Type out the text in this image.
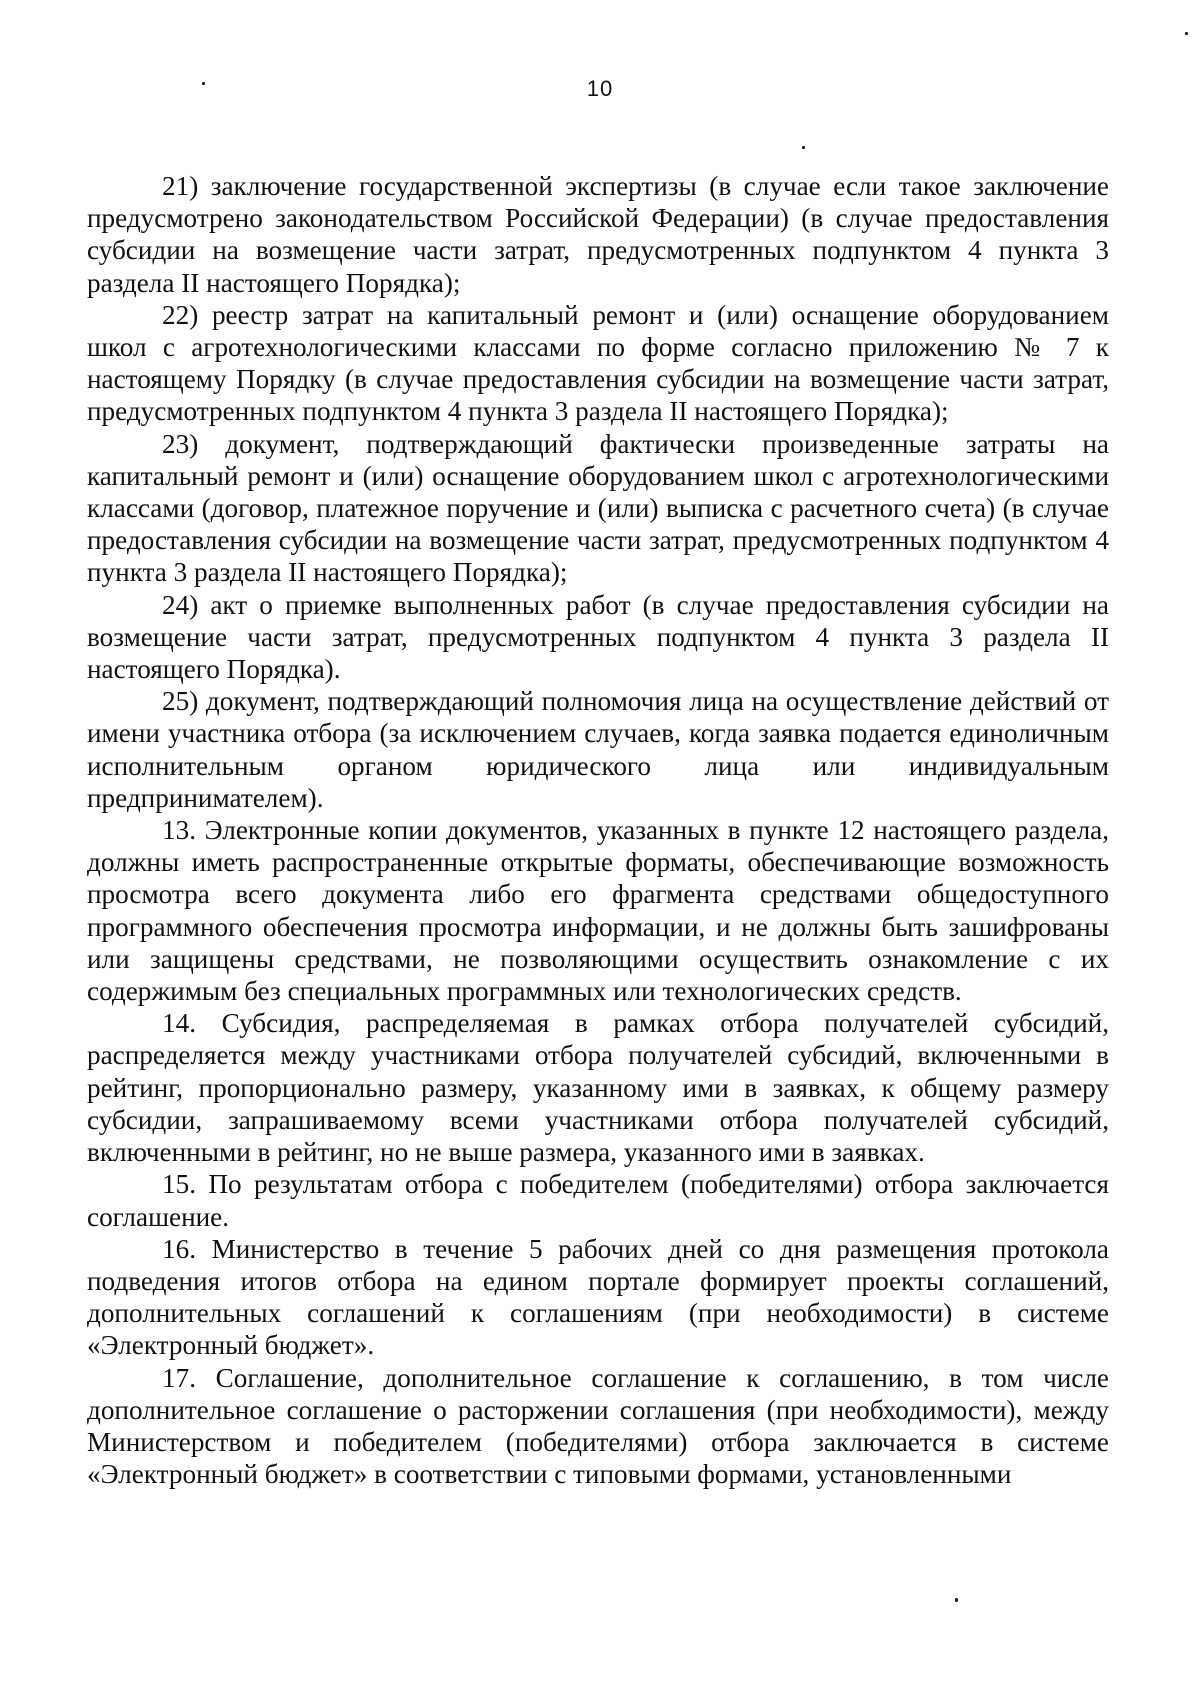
10

21) заключение государственной экспертизы (в случае если такое заключение предусмотрено законодательством Российской Федерации) (в случае предоставления субсидии на возмещение части затрат, предусмотренных подпунктом 4 пункта 3 раздела II настоящего Порядка);

22) реестр затрат на капитальный ремонт и (или) оснащение оборудованием школ с агротехнологическими классами по форме согласно приложению № 7 к настоящему Порядку (в случае предоставления субсидии на возмещение части затрат, предусмотренных подпунктом 4 пункта 3 раздела II настоящего Порядка);

23) документ, подтверждающий фактически произведенные затраты на капитальный ремонт и (или) оснащение оборудованием школ с агротехнологическими классами (договор, платежное поручение и (или) выписка с расчетного счета) (в случае предоставления субсидии на возмещение части затрат, предусмотренных подпунктом 4 пункта 3 раздела II настоящего Порядка);

24) акт о приемке выполненных работ (в случае предоставления субсидии на возмещение части затрат, предусмотренных подпунктом 4 пункта 3 раздела II настоящего Порядка).

25) документ, подтверждающий полномочия лица на осуществление действий от имени участника отбора (за исключением случаев, когда заявка подается единоличным исполнительным органом юридического лица или индивидуальным предпринимателем).

13. Электронные копии документов, указанных в пункте 12 настоящего раздела, должны иметь распространенные открытые форматы, обеспечивающие возможность просмотра всего документа либо его фрагмента средствами общедоступного программного обеспечения просмотра информации, и не должны быть зашифрованы или защищены средствами, не позволяющими осуществить ознакомление с их содержимым без специальных программных или технологических средств.

14. Субсидия, распределяемая в рамках отбора получателей субсидий, распределяется между участниками отбора получателей субсидий, включенными в рейтинг, пропорционально размеру, указанному ими в заявках, к общему размеру субсидии, запрашиваемому всеми участниками отбора получателей субсидий, включенными в рейтинг, но не выше размера, указанного ими в заявках.

15. По результатам отбора с победителем (победителями) отбора заключается соглашение.

16. Министерство в течение 5 рабочих дней со дня размещения протокола подведения итогов отбора на едином портале формирует проекты соглашений, дополнительных соглашений к соглашениям (при необходимости) в системе «Электронный бюджет».

17. Соглашение, дополнительное соглашение к соглашению, в том числе дополнительное соглашение о расторжении соглашения (при необходимости), между Министерством и победителем (победителями) отбора заключается в системе «Электронный бюджет» в соответствии с типовыми формами, установленными
